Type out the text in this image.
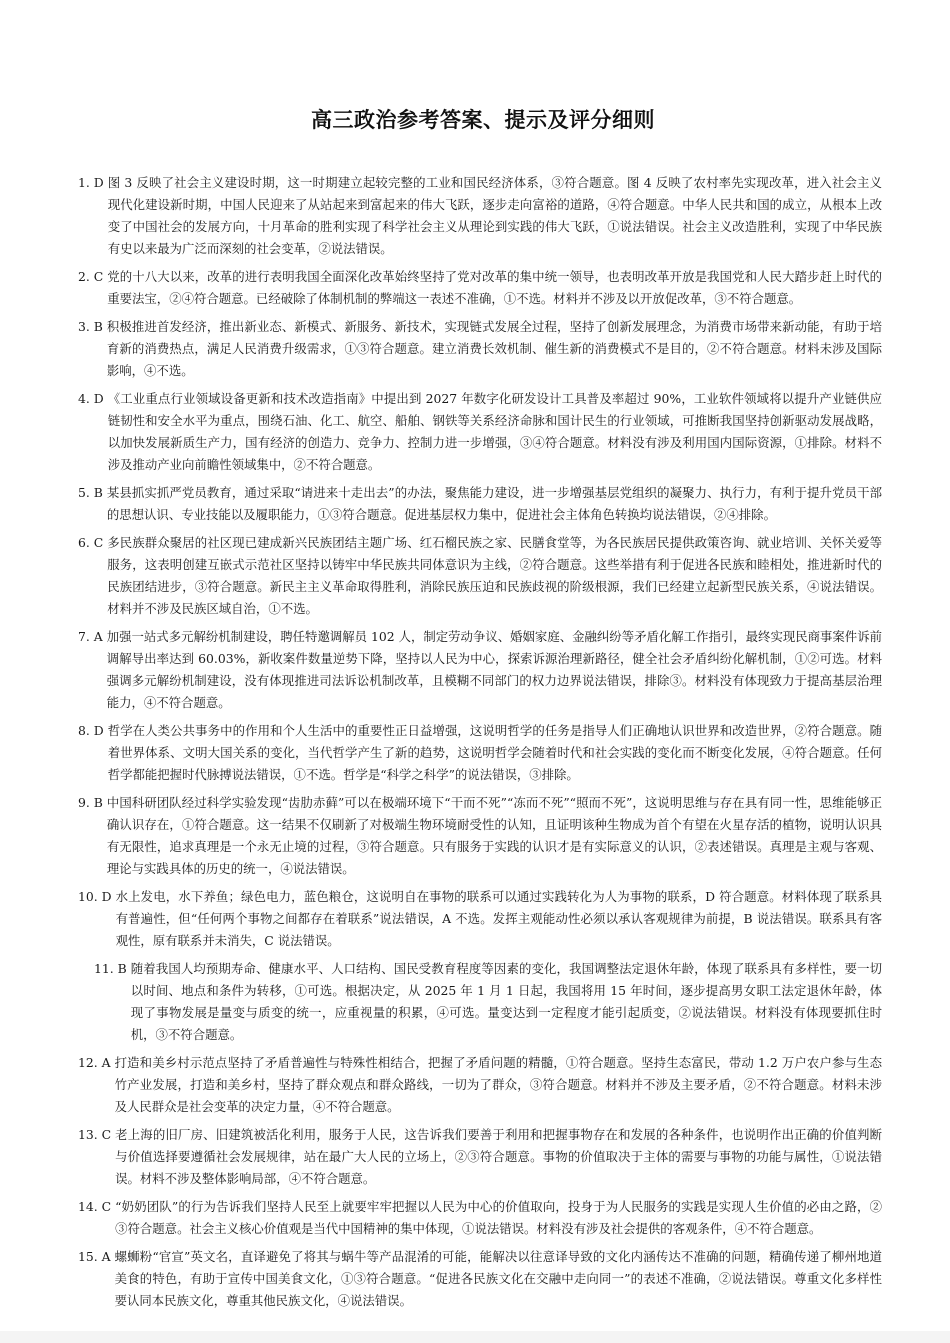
高三政治参考答案、提示及评分细则
1. D 图 3 反映了社会主义建设时期，这一时期建立起较完整的工业和国民经济体系，③符合题意。图 4 反映了农村率先实现改革，进入社会主义现代化建设新时期，中国人民迎来了从站起来到富起来的伟大飞跃，逐步走向富裕的道路，④符合题意。中华人民共和国的成立，从根本上改变了中国社会的发展方向，十月革命的胜利实现了科学社会主义从理论到实践的伟大飞跃，①说法错误。社会主义改造胜利，实现了中华民族有史以来最为广泛而深刻的社会变革，②说法错误。
2. C 党的十八大以来，改革的进行表明我国全面深化改革始终坚持了党对改革的集中统一领导，也表明改革开放是我国党和人民大踏步赶上时代的重要法宝，②④符合题意。已经破除了体制机制的弊端这一表述不准确，①不选。材料并不涉及以开放促改革，③不符合题意。
3. B 积极推进首发经济，推出新业态、新模式、新服务、新技术，实现链式发展全过程，坚持了创新发展理念，为消费市场带来新动能，有助于培育新的消费热点，满足人民消费升级需求，①③符合题意。建立消费长效机制、催生新的消费模式不是目的，②不符合题意。材料未涉及国际影响，④不选。
4. D 《工业重点行业领域设备更新和技术改造指南》中提出到 2027 年数字化研发设计工具普及率超过 90%，工业软件领域将以提升产业链供应链韧性和安全水平为重点，围绕石油、化工、航空、船舶、钢铁等关系经济命脉和国计民生的行业领域，可推断我国坚持创新驱动发展战略，以加快发展新质生产力，国有经济的创造力、竞争力、控制力进一步增强，③④符合题意。材料没有涉及利用国内国际资源，①排除。材料不涉及推动产业向前瞻性领域集中，②不符合题意。
5. B 某县抓实抓严党员教育，通过采取“请进来十走出去”的办法，聚焦能力建设，进一步增强基层党组织的凝聚力、执行力，有利于提升党员干部的思想认识、专业技能以及履职能力，①③符合题意。促进基层权力集中，促进社会主体角色转换均说法错误，②④排除。
6. C 多民族群众聚居的社区现已建成新兴民族团结主题广场、红石榴民族之家、民膳食堂等，为各民族居民提供政策咨询、就业培训、关怀关爱等服务，这表明创建互嵌式示范社区坚持以铸牢中华民族共同体意识为主线，②符合题意。这些举措有利于促进各民族和睦相处，推进新时代的民族团结进步，③符合题意。新民主主义革命取得胜利，消除民族压迫和民族歧视的阶级根源，我们已经建立起新型民族关系，④说法错误。材料并不涉及民族区域自治，①不选。
7. A 加强一站式多元解纷机制建设，聘任特邀调解员 102 人，制定劳动争议、婚姻家庭、金融纠纷等矛盾化解工作指引，最终实现民商事案件诉前调解导出率达到 60.03%，新收案件数量逆势下降，坚持以人民为中心，探索诉源治理新路径，健全社会矛盾纠纷化解机制，①②可选。材料强调多元解纷机制建设，没有体现推进司法诉讼机制改革，且模糊不同部门的权力边界说法错误，排除③。材料没有体现致力于提高基层治理能力，④不符合题意。
8. D 哲学在人类公共事务中的作用和个人生活中的重要性正日益增强，这说明哲学的任务是指导人们正确地认识世界和改造世界，②符合题意。随着世界体系、文明大国关系的变化，当代哲学产生了新的趋势，这说明哲学会随着时代和社会实践的变化而不断变化发展，④符合题意。任何哲学都能把握时代脉搏说法错误，①不选。哲学是“科学之科学”的说法错误，③排除。
9. B 中国科研团队经过科学实验发现“齿肋赤藓”可以在极端环境下“干而不死”“冻而不死”“照而不死”，这说明思维与存在具有同一性，思维能够正确认识存在，①符合题意。这一结果不仅刷新了对极端生物环境耐受性的认知，且证明该种生物成为首个有望在火星存活的植物，说明认识具有无限性，追求真理是一个永无止境的过程，③符合题意。只有服务于实践的认识才是有实际意义的认识，②表述错误。真理是主观与客观、理论与实践具体的历史的统一，④说法错误。
10. D 水上发电，水下养鱼；绿色电力，蓝色粮仓，这说明自在事物的联系可以通过实践转化为人为事物的联系，D 符合题意。材料体现了联系具有普遍性，但“任何两个事物之间都存在着联系”说法错误，A 不选。发挥主观能动性必须以承认客观规律为前提，B 说法错误。联系具有客观性，原有联系并未消失，C 说法错误。
11. B 随着我国人均预期寿命、健康水平、人口结构、国民受教育程度等因素的变化，我国调整法定退休年龄，体现了联系具有多样性，要一切以时间、地点和条件为转移，①可选。根据决定，从 2025 年 1 月 1 日起，我国将用 15 年时间，逐步提高男女职工法定退休年龄，体现了事物发展是量变与质变的统一，应重视量的积累，④可选。量变达到一定程度才能引起质变，②说法错误。材料没有体现要抓住时机，③不符合题意。
12. A 打造和美乡村示范点坚持了矛盾普遍性与特殊性相结合，把握了矛盾问题的精髓，①符合题意。坚持生态富民，带动 1.2 万户农户参与生态竹产业发展，打造和美乡村，坚持了群众观点和群众路线，一切为了群众，③符合题意。材料并不涉及主要矛盾，②不符合题意。材料未涉及人民群众是社会变革的决定力量，④不符合题意。
13. C 老上海的旧厂房、旧建筑被活化利用，服务于人民，这告诉我们要善于利用和把握事物存在和发展的各种条件，也说明作出正确的价值判断与价值选择要遵循社会发展规律，站在最广大人民的立场上，②③符合题意。事物的价值取决于主体的需要与事物的功能与属性，①说法错误。材料不涉及整体影响局部，④不符合题意。
14. C “奶奶团队”的行为告诉我们坚持人民至上就要牢牢把握以人民为中心的价值取向，投身于为人民服务的实践是实现人生价值的必由之路，②③符合题意。社会主义核心价值观是当代中国精神的集中体现，①说法错误。材料没有涉及社会提供的客观条件，④不符合题意。
15. A 螺蛳粉“官宣”英文名，直译避免了将其与蜗牛等产品混淆的可能，能解决以往意译导致的文化内涵传达不准确的问题，精确传递了柳州地道美食的特色，有助于宣传中国美食文化，①③符合题意。“促进各民族文化在交融中走向同一”的表述不准确，②说法错误。尊重文化多样性要认同本民族文化，尊重其他民族文化，④说法错误。
